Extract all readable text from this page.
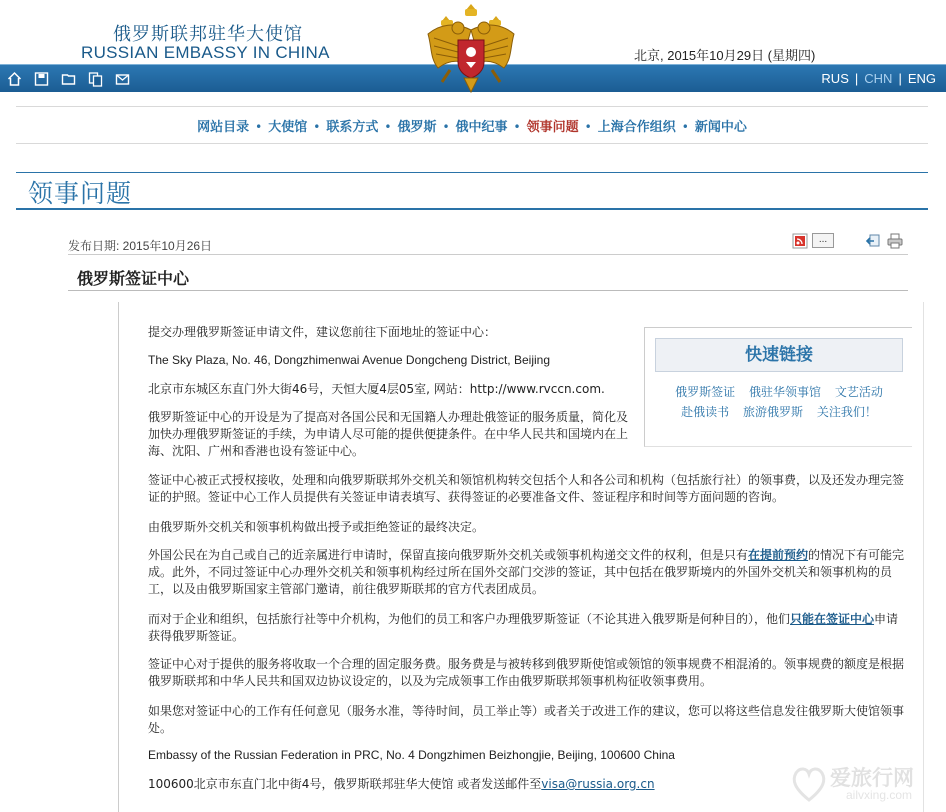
俄罗斯联邦驻华大使馆
RUSSIAN EMBASSY IN CHINA	北京, 2015年10月29日 (星期四)
RUS | CHN | ENG
网站目录 • 大使馆 • 联系方式 • 俄罗斯 • 俄中纪事 • 领事问题 • 上海合作组织 • 新闻中心
领事问题
发布日期: 2015年10月26日	...
俄罗斯签证中心
提交办理俄罗斯签证申请文件，建议您前往下面地址的签证中心：
The Sky Plaza, No. 46, Dongzhimenwai Avenue Dongcheng District, Beijing
北京市东城区东直门外大街46号，天恒大厦4层05室, 网站：http://www.rvccn.com.
俄罗斯签证中心的开设是为了提高对各国公民和无国籍人办理赴俄签证的服务质量，简化及加快办理俄罗斯签证的手续，为申请人尽可能的提供便捷条件。在中华人民共和国境内在上海、沈阳、广州和香港也设有签证中心。
签证中心被正式授权接收，处理和向俄罗斯联邦外交机关和领馆机构转交包括个人和各公司和机构（包括旅行社）的领事费，以及还发办理完签证的护照。签证中心工作人员提供有关签证申请表填写、获得签证的必要准备文件、签证程序和时间等方面问题的咨询。
由俄罗斯外交机关和领事机构做出授予或拒绝签证的最终决定。
外国公民在为自己或自己的近亲属进行申请时，保留直接向俄罗斯外交机关或领事机构递交文件的权利，但是只有在提前预约的情况下有可能完成。此外，不同过签证中心办理外交机关和领事机构经过所在国外交部门交涉的签证，其中包括在俄罗斯境内的外国外交机关和领事机构的员工，以及由俄罗斯国家主管部门邀请，前往俄罗斯联邦的官方代表团成员。
而对于企业和组织，包括旅行社等中介机构，为他们的员工和客户办理俄罗斯签证（不论其进入俄罗斯是何种目的），他们只能在签证中心申请获得俄罗斯签证。
签证中心对于提供的服务将收取一个合理的固定服务费。服务费是与被转移到俄罗斯使馆或领馆的领事规费不相混淆的。领事规费的额度是根据俄罗斯联邦和中华人民共和国双边协议设定的，以及为完成领事工作由俄罗斯联邦领事机构征收领事费用。
如果您对签证中心的工作有任何意见（服务水准，等待时间，员工举止等）或者关于改进工作的建议，您可以将这些信息发往俄罗斯大使馆领事处。
Embassy of the Russian Federation in PRC, No. 4 Dongzhimen Beizhongjie, Beijing, 100600 China
100600北京市东直门北中街4号，俄罗斯联邦驻华大使馆 或者发送邮件至visa@russia.org.cn
快速链接
俄罗斯签证 俄驻华领事馆 文艺活动
赴俄读书 旅游俄罗斯 关注我们！
爱旅行网
ailvxing.com
